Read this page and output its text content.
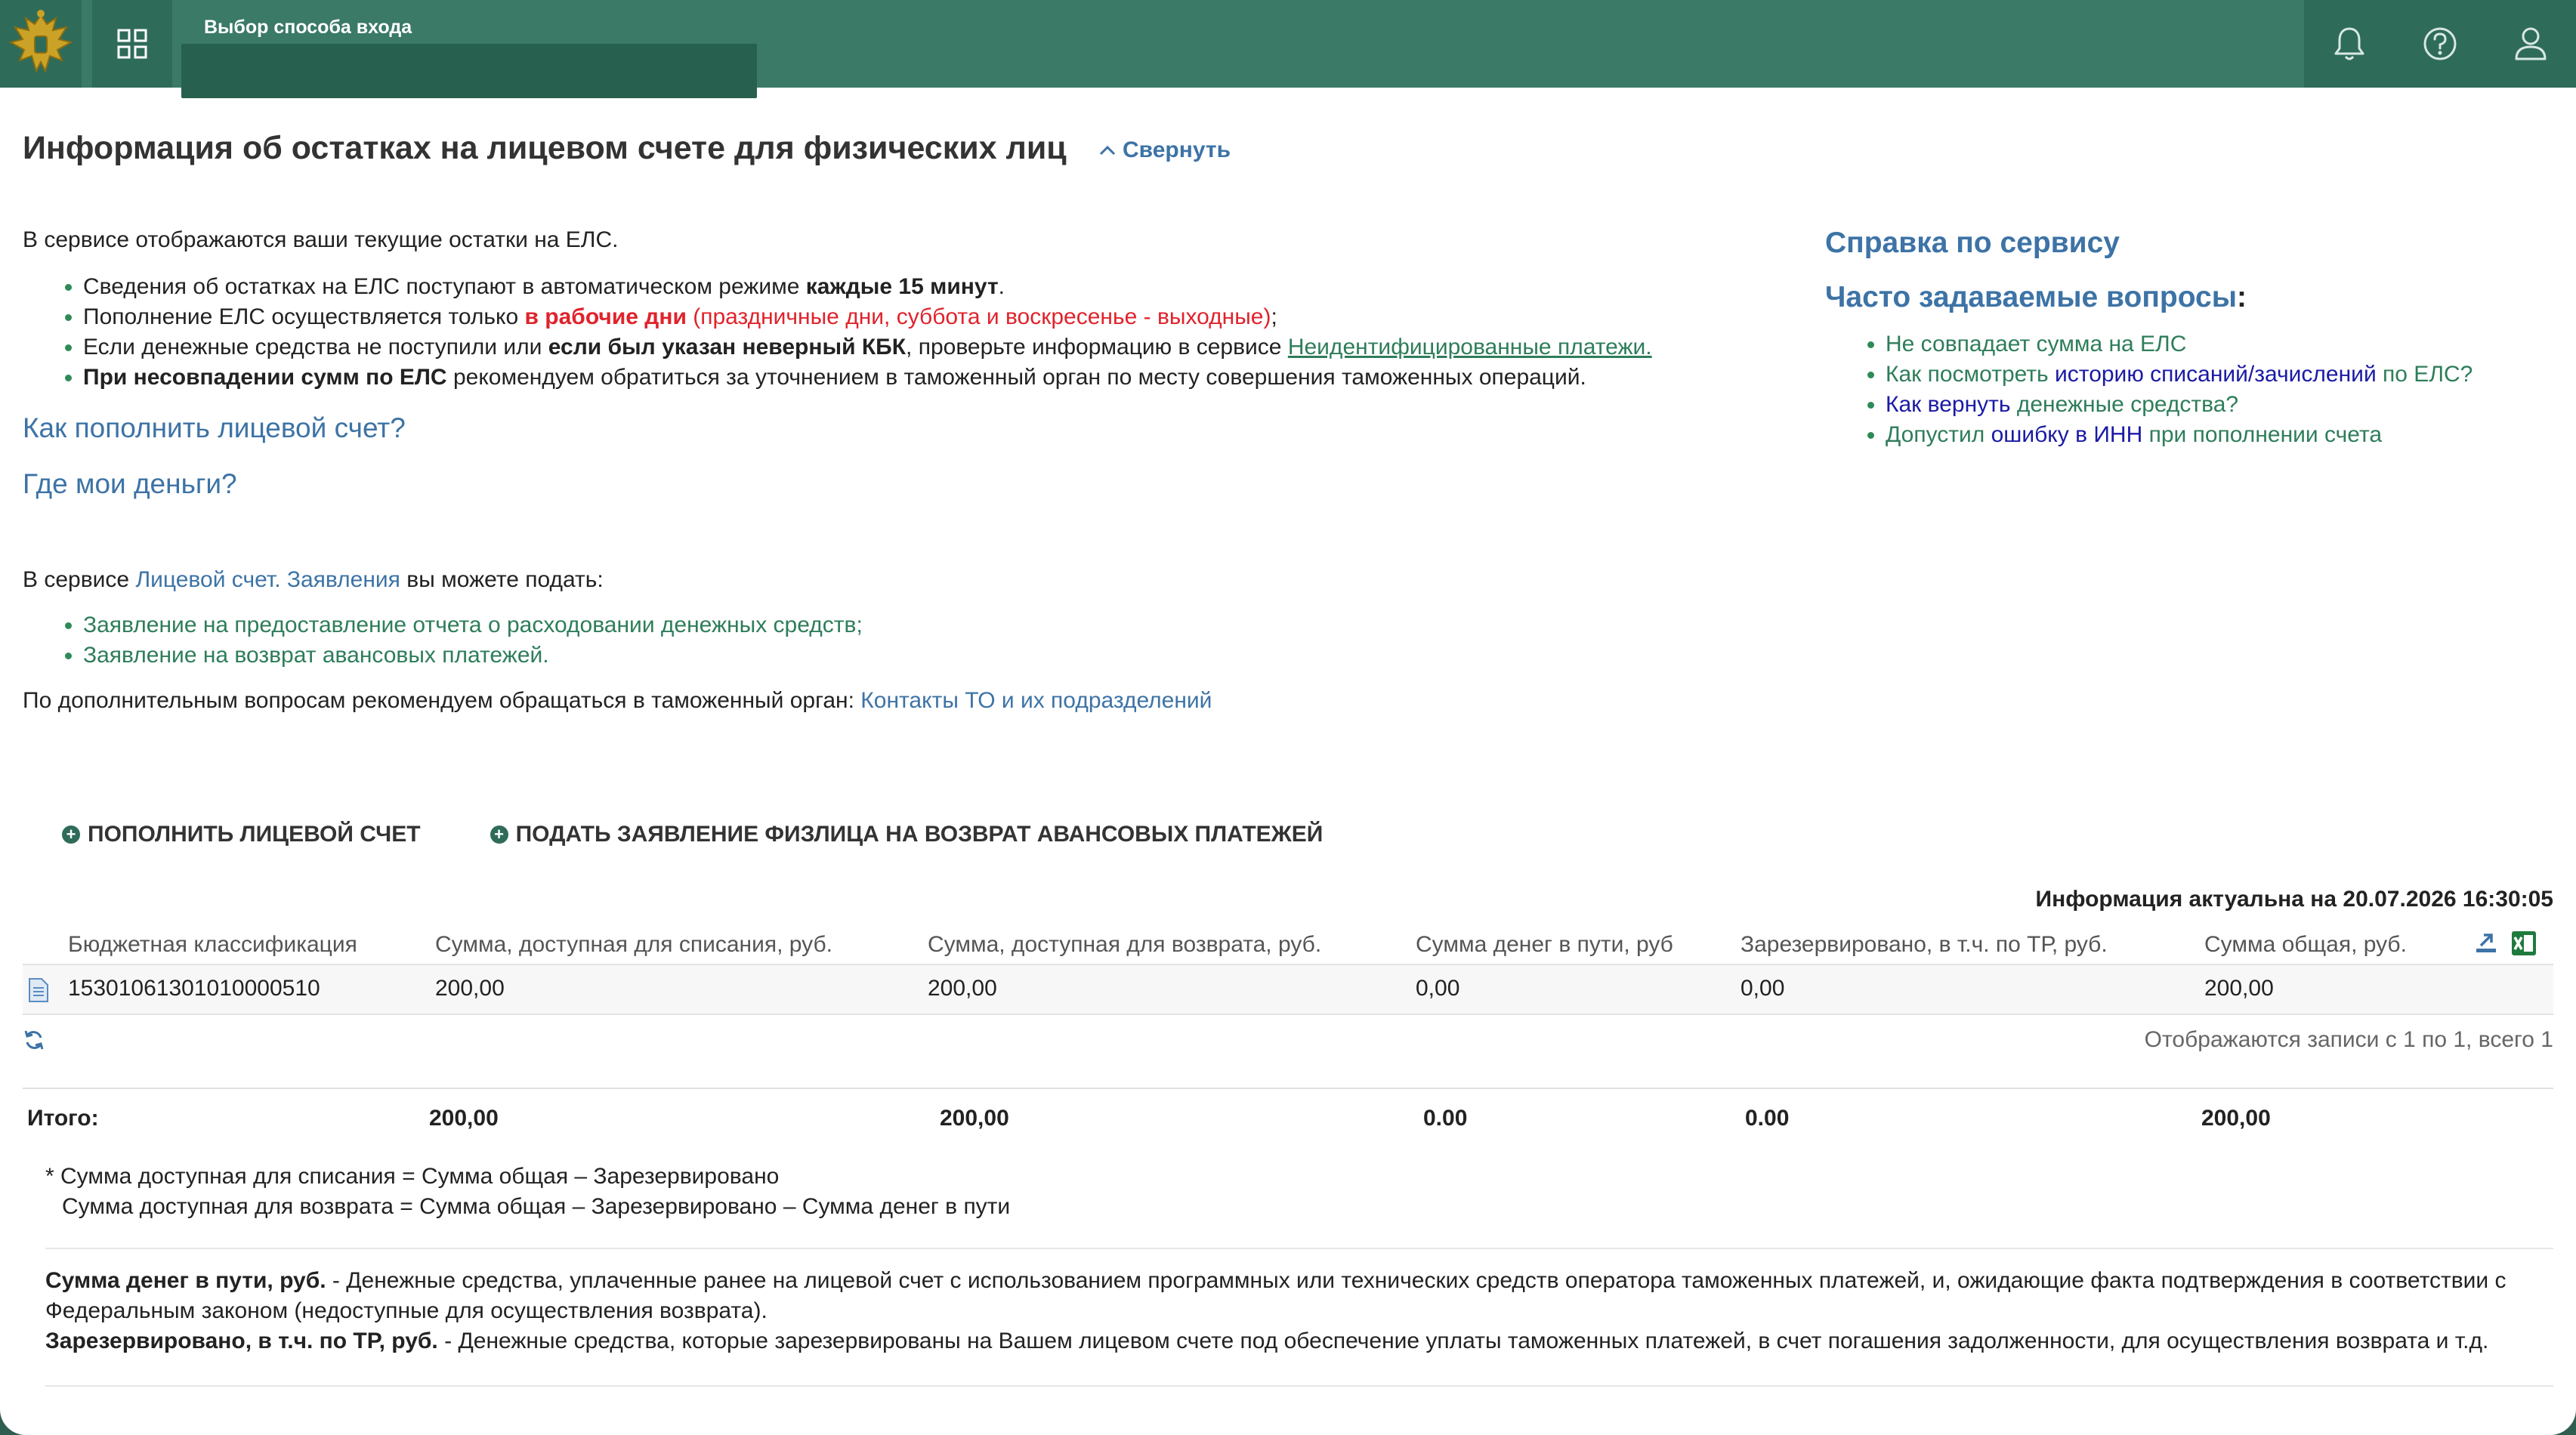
Выбор способа входа
Информация об остатках на лицевом счете для физических лиц Свернуть
В сервисе отображаются ваши текущие остатки на ЕЛС.
Сведения об остатках на ЕЛС поступают в автоматическом режиме каждые 15 минут.
Пополнение ЕЛС осуществляется только в рабочие дни (праздничные дни, суббота и воскресенье - выходные);
Если денежные средства не поступили или если был указан неверный КБК, проверьте информацию в сервисе Неидентифицированные платежи.
При несовпадении сумм по ЕЛС рекомендуем обратиться за уточнением в таможенный орган по месту совершения таможенных операций.
Как пополнить лицевой счет?
Где мои деньги?
В сервисе Лицевой счет. Заявления вы можете подать:
Заявление на предоставление отчета о расходовании денежных средств;
Заявление на возврат авансовых платежей.
По дополнительным вопросам рекомендуем обращаться в таможенный орган: Контакты ТО и их подразделений
Справка по сервису
Часто задаваемые вопросы:
Не совпадает сумма на ЕЛС
Как посмотреть историю списаний/зачислений по ЕЛС?
Как вернуть денежные средства?
Допустил ошибку в ИНН при пополнении счета
+ ПОПОЛНИТЬ ЛИЦЕВОЙ СЧЕТ	+ ПОДАТЬ ЗАЯВЛЕНИЕ ФИЗЛИЦА НА ВОЗВРАТ АВАНСОВЫХ ПЛАТЕЖЕЙ
Информация актуальна на 20.07.2026 16:30:05
Бюджетная классификация	Сумма, доступная для списания, руб.	Сумма, доступная для возврата, руб.	Сумма денег в пути, руб	Зарезервировано, в т.ч. по ТР, руб.	Сумма общая, руб.
15301061301010000510	200,00	200,00	0,00	0,00	200,00
Отображаются записи с 1 по 1, всего 1
Итого:	200,00	200,00	0.00	0.00	200,00
* Сумма доступная для списания = Сумма общая – Зарезервировано
Сумма доступная для возврата = Сумма общая – Зарезервировано – Сумма денег в пути
Сумма денег в пути, руб. - Денежные средства, уплаченные ранее на лицевой счет с использованием программных или технических средств оператора таможенных платежей, и, ожидающие факта подтверждения в соответствии с Федеральным законом (недоступные для осуществления возврата).
Зарезервировано, в т.ч. по ТР, руб. - Денежные средства, которые зарезервированы на Вашем лицевом счете под обеспечение уплаты таможенных платежей, в счет погашения задолженности, для осуществления возврата и т.д.
